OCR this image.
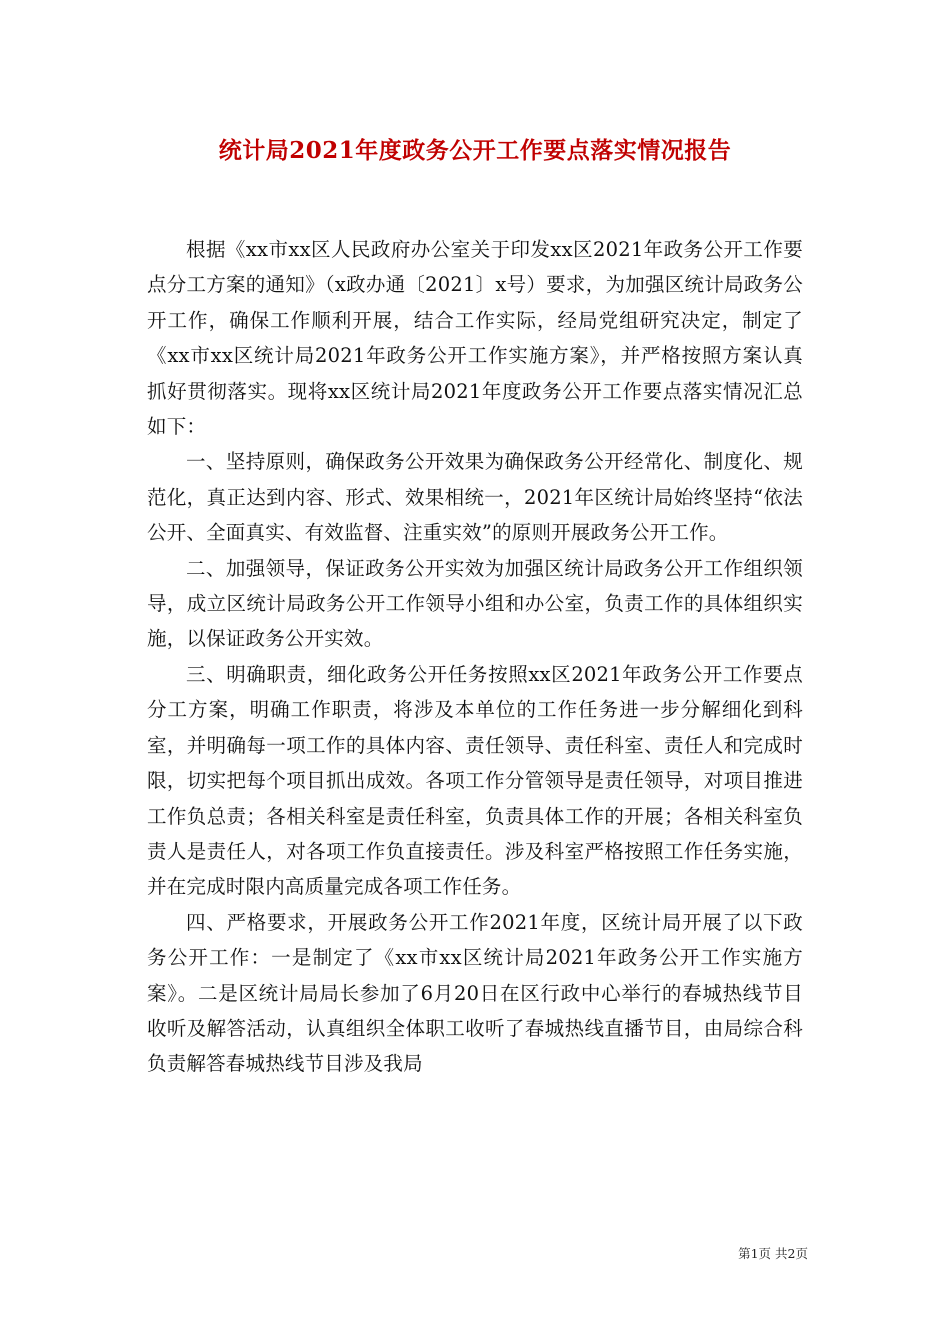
统计局2021年度政务公开工作要点落实情况报告

根据《xx市xx区人民政府办公室关于印发xx区2021年政务公开工作要点分工方案的通知》（x政办通〔2021〕x号）要求，为加强区统计局政务公开工作，确保工作顺利开展，结合工作实际，经局党组研究决定，制定了《xx市xx区统计局2021年政务公开工作实施方案》，并严格按照方案认真抓好贯彻落实。现将xx区统计局2021年度政务公开工作要点落实情况汇总如下：

一、坚持原则，确保政务公开效果为确保政务公开经常化、制度化、规范化，真正达到内容、形式、效果相统一，2021年区统计局始终坚持“依法公开、全面真实、有效监督、注重实效”的原则开展政务公开工作。

二、加强领导，保证政务公开实效为加强区统计局政务公开工作组织领导，成立区统计局政务公开工作领导小组和办公室，负责工作的具体组织实施，以保证政务公开实效。

三、明确职责，细化政务公开任务按照xx区2021年政务公开工作要点分工方案，明确工作职责，将涉及本单位的工作任务进一步分解细化到科室，并明确每一项工作的具体内容、责任领导、责任科室、责任人和完成时限，切实把每个项目抓出成效。各项工作分管领导是责任领导，对项目推进工作负总责；各相关科室是责任科室，负责具体工作的开展；各相关科室负责人是责任人，对各项工作负直接责任。涉及科室严格按照工作任务实施，并在完成时限内高质量完成各项工作任务。

四、严格要求，开展政务公开工作2021年度，区统计局开展了以下政务公开工作：一是制定了《xx市xx区统计局2021年政务公开工作实施方案》。二是区统计局局长参加了6月20日在区行政中心举行的春城热线节目收听及解答活动，认真组织全体职工收听了春城热线直播节目，由局综合科负责解答春城热线节目涉及我局

第1页 共2页
